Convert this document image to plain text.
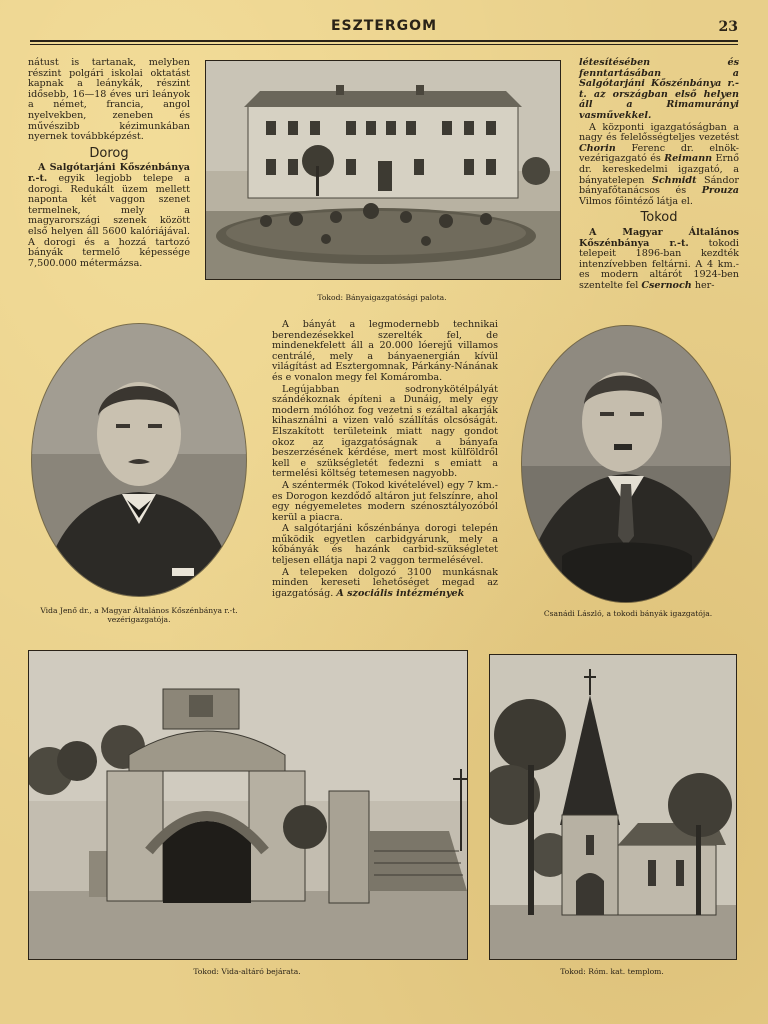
ESZTERGOM	23

nátust is tartanak, melyben részint polgári iskolai oktatást kapnak a leánykák, részint idősebb, 16—18 éves uri leányok a német, francia, angol nyelvekben, zeneben és művészibb kézimunkában nyernek továbbképzést.

Dorog

A Salgótarjáni Kőszénbánya r.-t. egyik legjobb telepe a dorogi. Redukált üzem mellett naponta két vaggon szenet termelnek, mely a magyarországi szenek között első helyen áll 5600 kalóriájával. A dorogi és a hozzá tartozó bányák termelő képessége 7,500.000 métermázsa.

Tokod: Bányaigazgatósági palota.

létesítésében és fenntartásában a Salgótarjáni Kőszénbánya r.-t. az országban első helyen áll a Rimamurányi vasművekkel.

A központi igazgatóságban a nagy és felelősségteljes vezetést Chorin Ferenc dr. elnök-vezérigazgató és Reimann Ernő dr. kereskedelmi igazgató, a bányatelepen Schmidt Sándor bányafőtanácsos és Prouza Vilmos főintéző látja el.

Tokod

A Magyar Általános Kőszénbánya r.-t. tokodi telepeit 1896-ban kezdték intenzívebben feltárni. A 4 km.-es modern altárót 1924-ben szentelte fel Csernoch her-

Vida Jenő dr., a Magyar Általános Kőszénbánya r.-t. vezérigazgatója.

A bányát a legmodernebb technikai berendezésekkel szerelték fel, de mindenekfelett áll a 20.000 lóerejű villamos centrálé, mely a bányaenergián kívül világítást ad Esztergomnak, Párkány-Nánának és e vonalon megy fel Komáromba.

Legújabban sodronykötélpályát szándékoznak építeni a Dunáig, mely egy modern mólóhoz fog vezetni s ezáltal akarják kihasználni a vizen való szállítás olcsóságát. Elszakított területeink miatt nagy gondot okoz az igazgatóságnak a bányafa beszerzésének kérdése, mert most külföldről kell e szükségletét fedezni s emiatt a termelési költség tetemesen nagyobb.

A széntermék (Tokod kivételével) egy 7 km.-es Dorogon kezdődő altáron jut felszínre, ahol egy négyemeletes modern szénosztályozóból kerül a piacra.

A salgótarjáni kőszénbánya dorogi telepén működik egyetlen carbidgyárunk, mely a kőbányák és hazánk carbid-szükségletet teljesen ellátja napi 2 vaggon termelésével.

A telepeken dolgozó 3100 munkásnak minden kereseti lehetőséget megad az igazgatóság. A szociális intézmények

Csanádi László, a tokodi bányák igazgatója.
Tokod: Vida-altáró bejárata.	Tokod: Róm. kat. templom.
